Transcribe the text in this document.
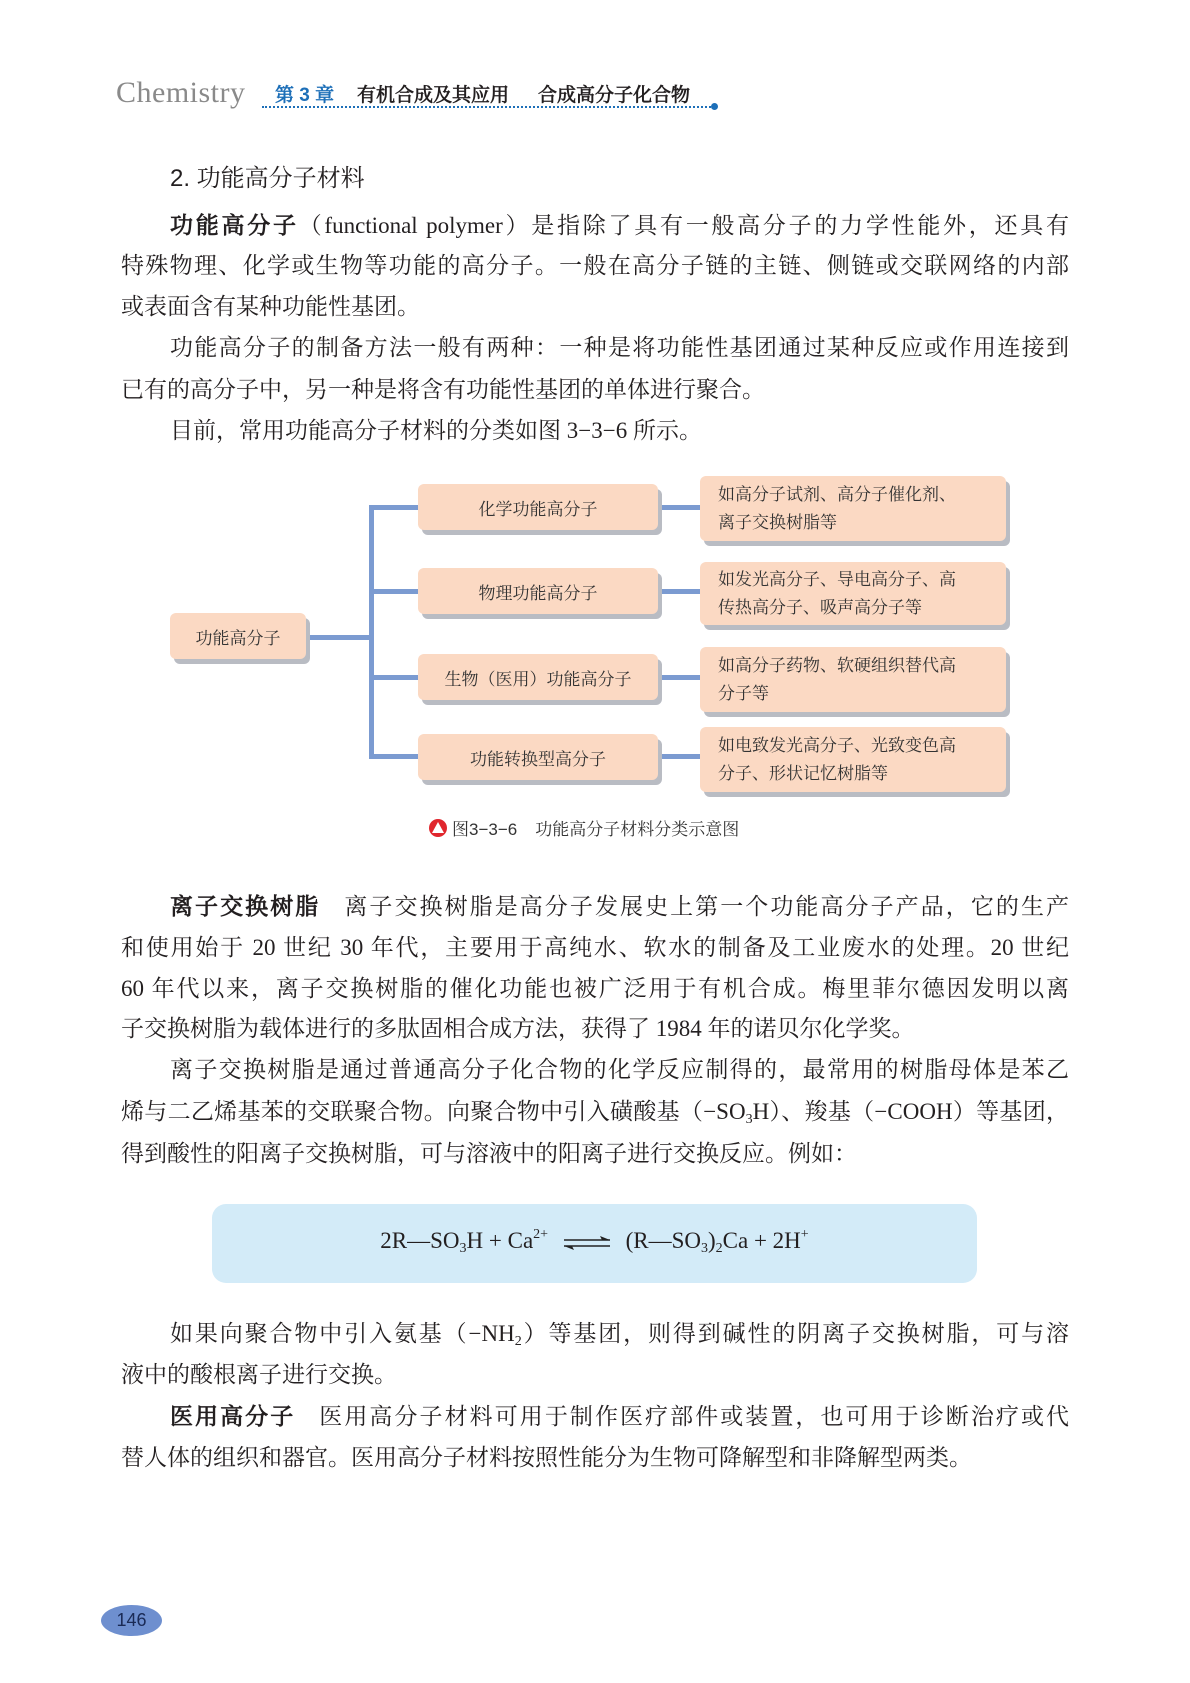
Chemistry 第 3 章 有机合成及其应用 合成高分子化合物
2. 功能高分子材料
功能高分子（functional polymer）是指除了具有一般高分子的力学性能外，还具有
特殊物理、化学或生物等功能的高分子。一般在高分子链的主链、侧链或交联网络的内部
或表面含有某种功能性基团。
功能高分子的制备方法一般有两种：一种是将功能性基团通过某种反应或作用连接到
已有的高分子中，另一种是将含有功能性基团的单体进行聚合。
目前，常用功能高分子材料的分类如图 3−3−6 所示。
功能高分子
化学功能高分子
物理功能高分子
生物（医用）功能高分子
功能转换型高分子
如高分子试剂、高分子催化剂、
离子交换树脂等
如发光高分子、导电高分子、高
传热高分子、吸声高分子等
如高分子药物、软硬组织替代高
分子等
如电致发光高分子、光致变色高
分子、形状记忆树脂等
图3−3−6 功能高分子材料分类示意图
离子交换树脂 离子交换树脂是高分子发展史上第一个功能高分子产品，它的生产
和使用始于 20 世纪 30 年代，主要用于高纯水、软水的制备及工业废水的处理。20 世纪
60 年代以来，离子交换树脂的催化功能也被广泛用于有机合成。梅里菲尔德因发明以离
子交换树脂为载体进行的多肽固相合成方法，获得了 1984 年的诺贝尔化学奖。
离子交换树脂是通过普通高分子化合物的化学反应制得的，最常用的树脂母体是苯乙
烯与二乙烯基苯的交联聚合物。向聚合物中引入磺酸基$(-SO_3H)$、羧基（−COOH）等基团，
得到酸性的阳离子交换树脂，可与溶液中的阳离子进行交换反应。例如：
$2R—SO_3H + Ca^{2+}$ ⇌ $(R—SO_3)_2Ca + 2H^+$
如果向聚合物中引入氨基$(-NH_2)$等基团，则得到碱性的阴离子交换树脂，可与溶
液中的酸根离子进行交换。
医用高分子 医用高分子材料可用于制作医疗部件或装置，也可用于诊断治疗或代
替人体的组织和器官。医用高分子材料按照性能分为生物可降解型和非降解型两类。
146
